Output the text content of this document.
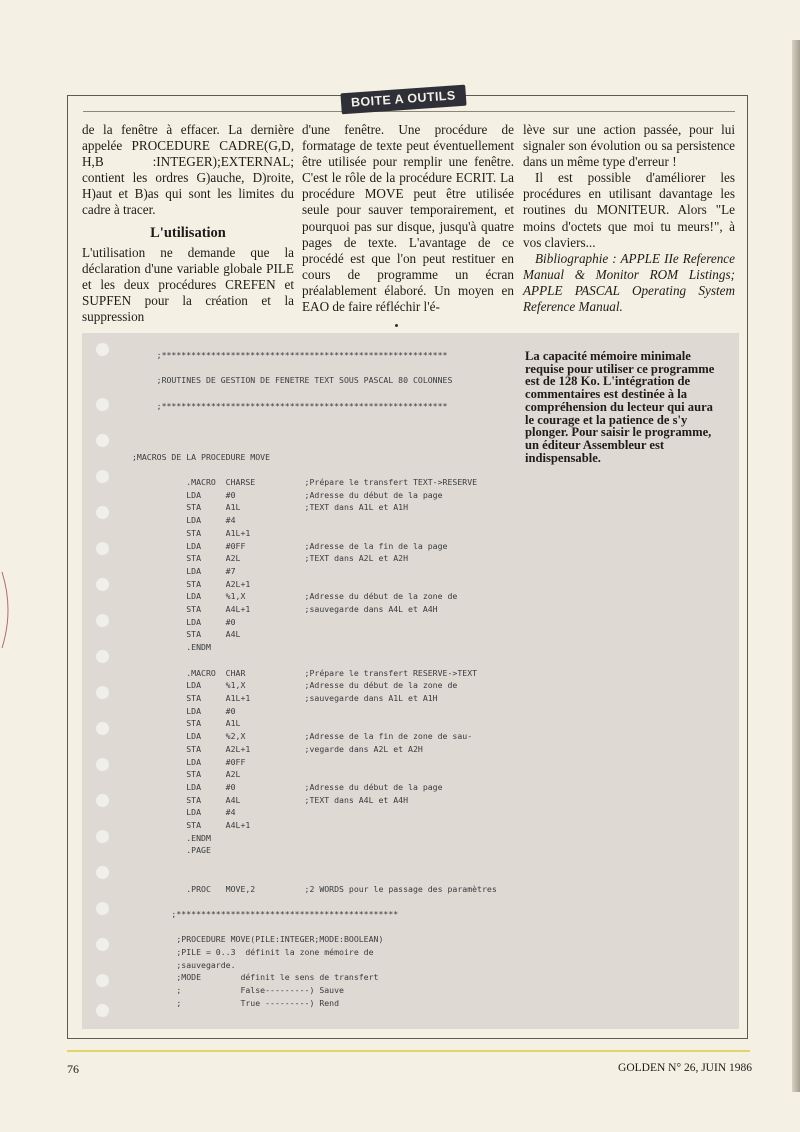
BOITE A OUTILS

de la fenêtre à effacer. La dernière appelée PROCEDURE CADRE(G,D, H,B :INTEGER);EXTERNAL; contient les ordres G)auche, D)roite, H)aut et B)as qui sont les limites du cadre à tracer.

L'utilisation

L'utilisation ne demande que la déclaration d'une variable globale PILE et les deux procédures CREFEN et SUPFEN pour la création et la suppression

d'une fenêtre. Une procédure de formatage de texte peut éventuellement être utilisée pour remplir une fenêtre. C'est le rôle de la procédure ECRIT. La procédure MOVE peut être utilisée seule pour sauver temporairement, et pourquoi pas sur disque, jusqu'à quatre pages de texte. L'avantage de ce procédé est que l'on peut restituer en cours de programme un écran préalablement élaboré. Un moyen en EAO de faire réfléchir l'é-

lève sur une action passée, pour lui signaler son évolution ou sa persistence dans un même type d'erreur !

Il est possible d'améliorer les procédures en utilisant davantage les routines du MONITEUR. Alors "Le moins d'octets que moi tu meurs!", à vos claviers...

Bibliographie : APPLE IIe Reference Manual & Monitor ROM Listings; APPLE PASCAL Operating System Reference Manual.

;**********************************************************

;ROUTINES DE GESTION DE FENETRE TEXT SOUS PASCAL 80 COLONNES

;**********************************************************

;MACROS DE LA PROCEDURE MOVE

.MACRO  CHARSE          ;Prépare le transfert TEXT->RESERVE
LDA     #0              ;Adresse du début de la page
STA     A1L             ;TEXT dans A1L et A1H
LDA     #4
STA     A1L+1
LDA     #0FF            ;Adresse de la fin de la page
STA     A2L             ;TEXT dans A2L et A2H
LDA     #7
STA     A2L+1
LDA     %1,X            ;Adresse du début de la zone de
STA     A4L+1           ;sauvegarde dans A4L et A4H
LDA     #0
STA     A4L
.ENDM

.MACRO  CHAR            ;Prépare le transfert RESERVE->TEXT
LDA     %1,X            ;Adresse du début de la zone de
STA     A1L+1           ;sauvegarde dans A1L et A1H
LDA     #0
STA     A1L
LDA     %2,X            ;Adresse de la fin de zone de sau-
STA     A2L+1           ;vegarde dans A2L et A2H
LDA     #0FF
STA     A2L
LDA     #0              ;Adresse du début de la page
STA     A4L             ;TEXT dans A4L et A4H
LDA     #4
STA     A4L+1
.ENDM
.PAGE

.PROC   MOVE,2          ;2 WORDS pour le passage des paramètres

;*********************************************

;PROCEDURE MOVE(PILE:INTEGER;MODE:BOOLEAN)
;PILE = 0..3  définit la zone mémoire de
;sauvegarde.
;MODE        définit le sens de transfert
;            False---------) Sauve
;            True ---------) Rend
La capacité mémoire minimale requise pour utiliser ce programme est de 128 Ko. L'intégration de commentaires est destinée à la compréhension du lecteur qui aura le courage et la patience de s'y plonger. Pour saisir le programme, un éditeur Assembleur est indispensable.
76	GOLDEN N° 26, JUIN 1986
